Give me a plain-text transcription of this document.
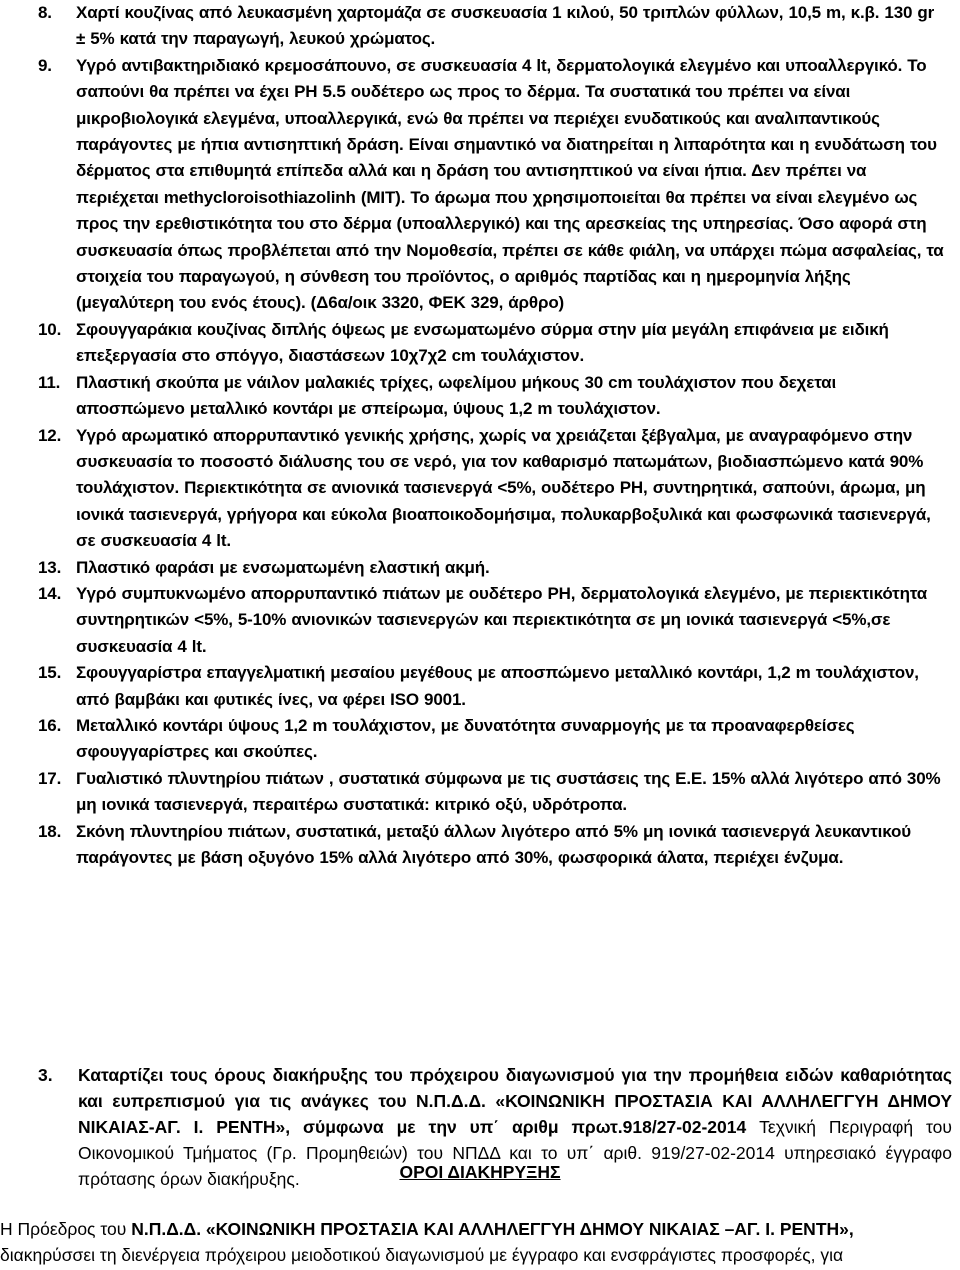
8. Χαρτί κουζίνας από λευκασμένη χαρτομάζα σε συσκευασία 1 κιλού, 50 τριπλών φύλλων, 10,5 m, κ.β. 130 gr ± 5% κατά την παραγωγή, λευκού χρώματος.
9. Υγρό αντιβακτηριδιακό κρεμοσάπουνο, σε συσκευασία 4 lt, δερματολογικά ελεγμένο και υποαλλεργικό. Το σαπούνι θα πρέπει να έχει PH 5.5 ουδέτερο ως προς το δέρμα. Τα συστατικά του πρέπει να είναι μικροβιολογικά ελεγμένα, υποαλλεργικά, ενώ θα πρέπει να περιέχει ενυδατικούς και αναλιπαντικούς παράγοντες με ήπια αντισηπτική δράση. Είναι σημαντικό να διατηρείται η λιπαρότητα και η ενυδάτωση του δέρματος στα επιθυμητά επίπεδα αλλά και η δράση του αντισηπτικού να είναι ήπια. Δεν πρέπει να περιέχεται methycloroisothiazolinh (MIT). Το άρωμα που χρησιμοποιείται θα πρέπει να είναι ελεγμένο ως προς την ερεθιστικότητα του στο δέρμα (υποαλλεργικό) και της αρεσκείας της υπηρεσίας. Όσο αφορά στη συσκευασία όπως προβλέπεται από την Νομοθεσία, πρέπει σε κάθε φιάλη, να υπάρχει πώμα ασφαλείας, τα στοιχεία του παραγωγού, η σύνθεση του προϊόντος, ο αριθμός παρτίδας και η ημερομηνία λήξης (μεγαλύτερη του ενός έτους). (Δ6α/οικ 3320, ΦΕΚ 329, άρθρο)
10. Σφουγγαράκια κουζίνας διπλής όψεως με ενσωματωμένο σύρμα στην μία μεγάλη επιφάνεια με ειδική επεξεργασία στο σπόγγο, διαστάσεων 10χ7χ2 cm τουλάχιστον.
11. Πλαστική σκούπα με νάιλον μαλακιές τρίχες, ωφελίμου μήκους 30 cm τουλάχιστον που δεχεται αποσπώμενο μεταλλικό κοντάρι με σπείρωμα, ύψους 1,2 m τουλάχιστον.
12. Υγρό αρωματικό απορρυπαντικό γενικής χρήσης, χωρίς να χρειάζεται ξέβγαλμα, με αναγραφόμενο στην συσκευασία το ποσοστό διάλυσης του σε νερό, για τον καθαρισμό πατωμάτων, βιοδιασπώμενο κατά 90% τουλάχιστον. Περιεκτικότητα σε ανιονικά τασιενεργά <5%, ουδέτερο PH, συντηρητικά, σαπούνι, άρωμα, μη ιονικά τασιενεργά, γρήγορα και εύκολα βιοαποικοδομήσιμα, πολυκαρβοξυλικά και φωσφωνικά τασιενεργά, σε συσκευασία 4 lt.
13. Πλαστικό φαράσι με ενσωματωμένη ελαστική ακμή.
14. Υγρό συμπυκνωμένο απορρυπαντικό πιάτων με ουδέτερο PH, δερματολογικά ελεγμένο, με περιεκτικότητα συντηρητικών <5%, 5-10% ανιονικών τασιενεργών και περιεκτικότητα σε μη ιονικά τασιενεργά <5%,σε συσκευασία 4 lt.
15. Σφουγγαρίστρα επαγγελματική μεσαίου μεγέθους με αποσπώμενο μεταλλικό κοντάρι, 1,2 m τουλάχιστον, από βαμβάκι και φυτικές ίνες, να φέρει ISO 9001.
16. Μεταλλικό κοντάρι ύψους 1,2 m τουλάχιστον, με δυνατότητα συναρμογής με τα προαναφερθείσες σφουγγαρίστρες και σκούπες.
17. Γυαλιστικό πλυντηρίου πιάτων , συστατικά σύμφωνα με τις συστάσεις της Ε.Ε. 15% αλλά λιγότερο από 30% μη ιονικά τασιενεργά, περαιτέρω συστατικά: κιτρικό οξύ, υδρότροπα.
18. Σκόνη πλυντηρίου πιάτων, συστατικά, μεταξύ άλλων λιγότερο από 5% μη ιονικά τασιενεργά λευκαντικού παράγοντες με βάση οξυγόνο 15% αλλά λιγότερο από 30%, φωσφορικά άλατα, περιέχει ένζυμα.
3.	Καταρτίζει τους όρους διακήρυξης του πρόχειρου διαγωνισμού για την προμήθεια ειδών καθαριότητας και ευπρεπισμού για τις ανάγκες του Ν.Π.Δ.Δ. «ΚΟΙΝΩΝΙΚΗ ΠΡΟΣΤΑΣΙΑ ΚΑΙ ΑΛΛΗΛΕΓΓΥΗ ΔΗΜΟΥ ΝΙΚΑΙΑΣ-ΑΓ. Ι. ΡΕΝΤΗ», σύμφωνα με την υπ΄ αριθμ πρωτ.918/27-02-2014 Τεχνική Περιγραφή του Οικονομικού Τμήματος (Γρ. Προμηθειών) του ΝΠΔΔ και το υπ΄ αριθ. 919/27-02-2014 υπηρεσιακό έγγραφο πρότασης όρων διακήρυξης.	ΟΡΟΙ ΔΙΑΚΗΡΥΞΗΣ
Η Πρόεδρος του Ν.Π.Δ.Δ. «ΚΟΙΝΩΝΙΚΗ ΠΡΟΣΤΑΣΙΑ ΚΑΙ ΑΛΛΗΛΕΓΓΥΗ ΔΗΜΟΥ ΝΙΚΑΙΑΣ –ΑΓ. Ι. ΡΕΝΤΗ»,
διακηρύσσει τη διενέργεια πρόχειρου μειοδοτικού διαγωνισμού με έγγραφο και ενσφράγιστες προσφορές, για
